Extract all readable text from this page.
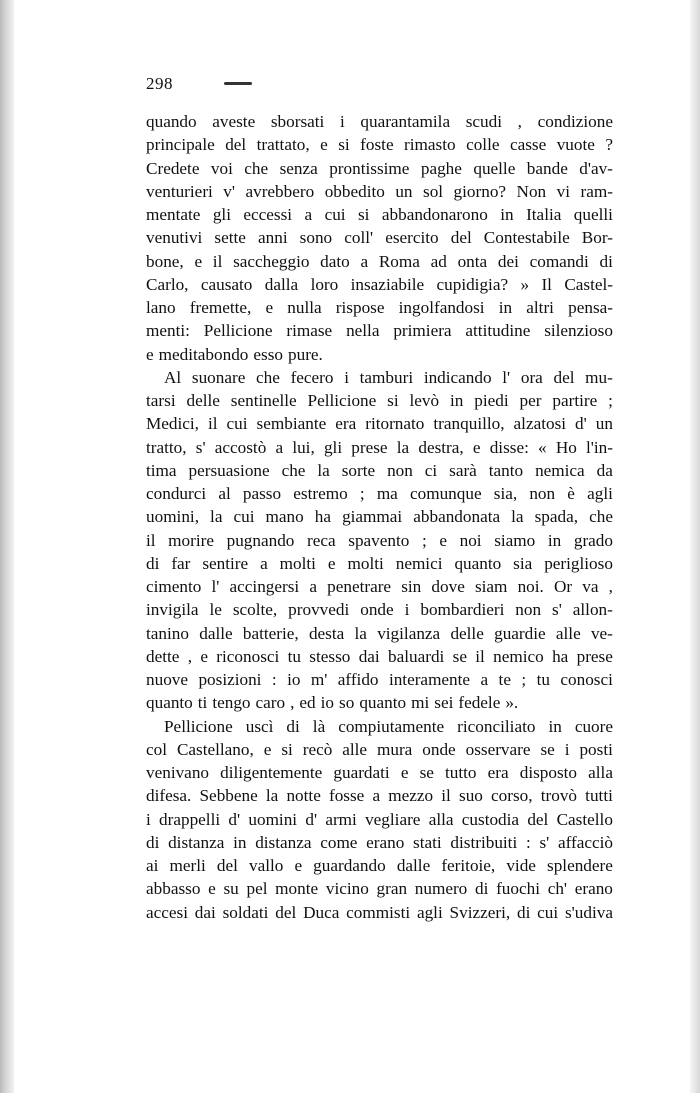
298
quando aveste sborsati i quarantamila scudi , condizione
principale del trattato, e si foste rimasto colle casse vuote ?
Credete voi che senza prontissime paghe quelle bande d'av-
venturieri v' avrebbero obbedito un sol giorno? Non vi ram-
mentate gli eccessi a cui si abbandonarono in Italia quelli
venutivi sette anni sono coll' esercito del Contestabile Bor-
bone, e il saccheggio dato a Roma ad onta dei comandi di
Carlo, causato dalla loro insaziabile cupidigia? » Il Castel-
lano fremette, e nulla rispose ingolfandosi in altri pensa-
menti: Pellicione rimase nella primiera attitudine silenzioso
e meditabondo esso pure.
Al suonare che fecero i tamburi indicando l' ora del mu-
tarsi delle sentinelle Pellicione si levò in piedi per partire ;
Medici, il cui sembiante era ritornato tranquillo, alzatosi d' un
tratto, s' accostò a lui, gli prese la destra, e disse: « Ho l'in-
tima persuasione che la sorte non ci sarà tanto nemica da
condurci al passo estremo ; ma comunque sia, non è agli
uomini, la cui mano ha giammai abbandonata la spada, che
il morire pugnando reca spavento ; e noi siamo in grado
di far sentire a molti e molti nemici quanto sia periglioso
cimento l' accingersi a penetrare sin dove siam noi. Or va ,
invigila le scolte, provvedi onde i bombardieri non s' allon-
tanino dalle batterie, desta la vigilanza delle guardie alle ve-
dette , e riconosci tu stesso dai baluardi se il nemico ha prese
nuove posizioni : io m' affido interamente a te ; tu conosci
quanto ti tengo caro , ed io so quanto mi sei fedele ».
Pellicione uscì di là compiutamente riconciliato in cuore
col Castellano, e si recò alle mura onde osservare se i posti
venivano diligentemente guardati e se tutto era disposto alla
difesa. Sebbene la notte fosse a mezzo il suo corso, trovò tutti
i drappelli d' uomini d' armi vegliare alla custodia del Castello
di distanza in distanza come erano stati distribuiti : s' affacciò
ai merli del vallo e guardando dalle feritoie, vide splendere
abbasso e su pel monte vicino gran numero di fuochi ch' erano
accesi dai soldati del Duca commisti agli Svizzeri, di cui s'udiva
